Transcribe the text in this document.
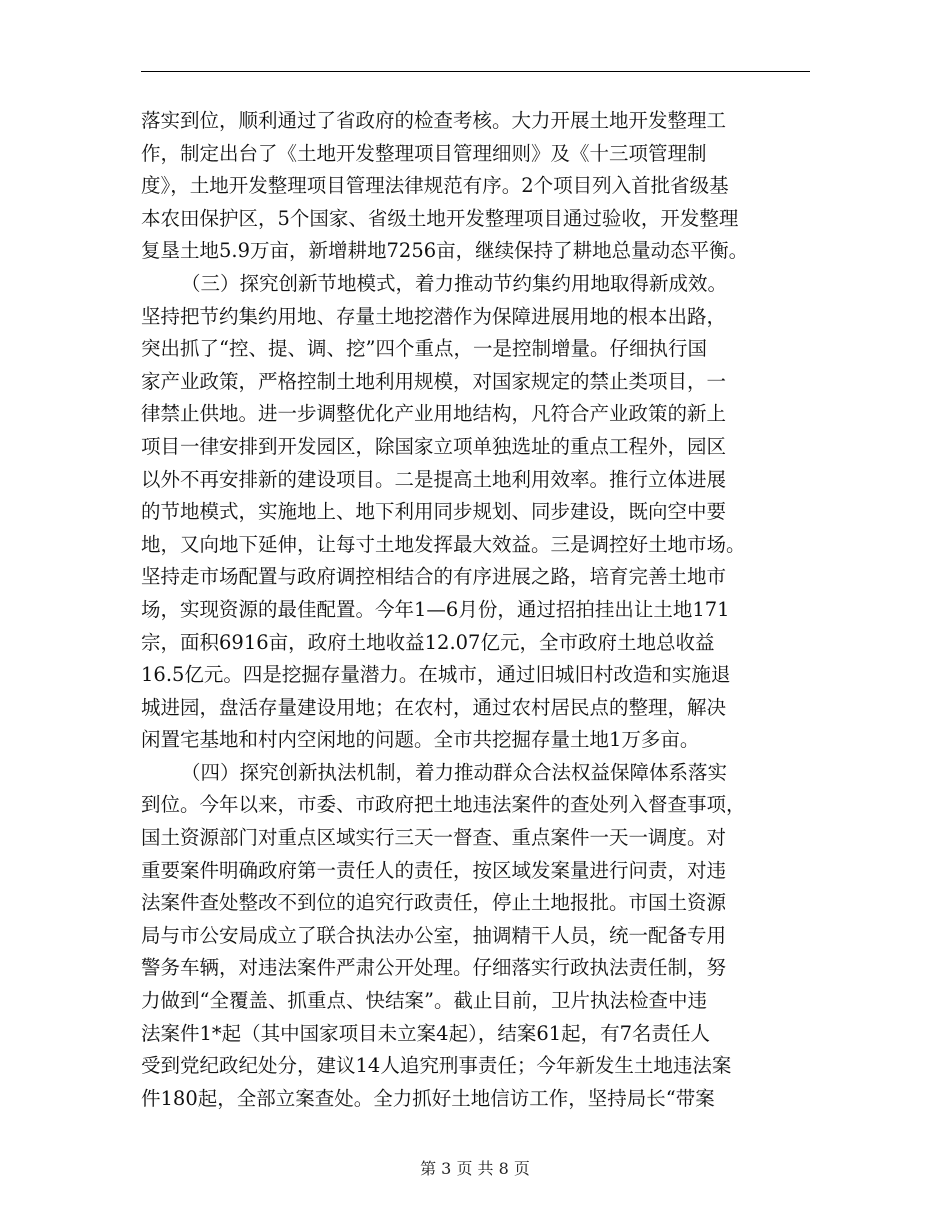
落实到位，顺利通过了省政府的检查考核。大力开展土地开发整理工
作，制定出台了《土地开发整理项目管理细则》及《十三项管理制
度》，土地开发整理项目管理法律规范有序。2个项目列入首批省级基
本农田保护区，5个国家、省级土地开发整理项目通过验收，开发整理
复垦土地5.9万亩，新增耕地7256亩，继续保持了耕地总量动态平衡。
（三）探究创新节地模式，着力推动节约集约用地取得新成效。
坚持把节约集约用地、存量土地挖潜作为保障进展用地的根本出路，
突出抓了“控、提、调、挖”四个重点，一是控制增量。仔细执行国
家产业政策，严格控制土地利用规模，对国家规定的禁止类项目，一
律禁止供地。进一步调整优化产业用地结构，凡符合产业政策的新上
项目一律安排到开发园区，除国家立项单独选址的重点工程外，园区
以外不再安排新的建设项目。二是提高土地利用效率。推行立体进展
的节地模式，实施地上、地下利用同步规划、同步建设，既向空中要
地，又向地下延伸，让每寸土地发挥最大效益。三是调控好土地市场。
坚持走市场配置与政府调控相结合的有序进展之路，培育完善土地市
场，实现资源的最佳配置。今年1—6月份，通过招拍挂出让土地171
宗，面积6916亩，政府土地收益12.07亿元，全市政府土地总收益
16.5亿元。四是挖掘存量潜力。在城市，通过旧城旧村改造和实施退
城进园，盘活存量建设用地；在农村，通过农村居民点的整理，解决
闲置宅基地和村内空闲地的问题。全市共挖掘存量土地1万多亩。
（四）探究创新执法机制，着力推动群众合法权益保障体系落实
到位。今年以来，市委、市政府把土地违法案件的查处列入督查事项，
国土资源部门对重点区域实行三天一督查、重点案件一天一调度。对
重要案件明确政府第一责任人的责任，按区域发案量进行问责，对违
法案件查处整改不到位的追究行政责任，停止土地报批。市国土资源
局与市公安局成立了联合执法办公室，抽调精干人员，统一配备专用
警务车辆，对违法案件严肃公开处理。仔细落实行政执法责任制，努
力做到“全覆盖、抓重点、快结案”。截止目前，卫片执法检查中违
法案件1*起（其中国家项目未立案4起），结案61起，有7名责任人
受到党纪政纪处分，建议14人追究刑事责任；今年新发生土地违法案
件180起，全部立案查处。全力抓好土地信访工作，坚持局长“带案
第 3 页 共 8 页
